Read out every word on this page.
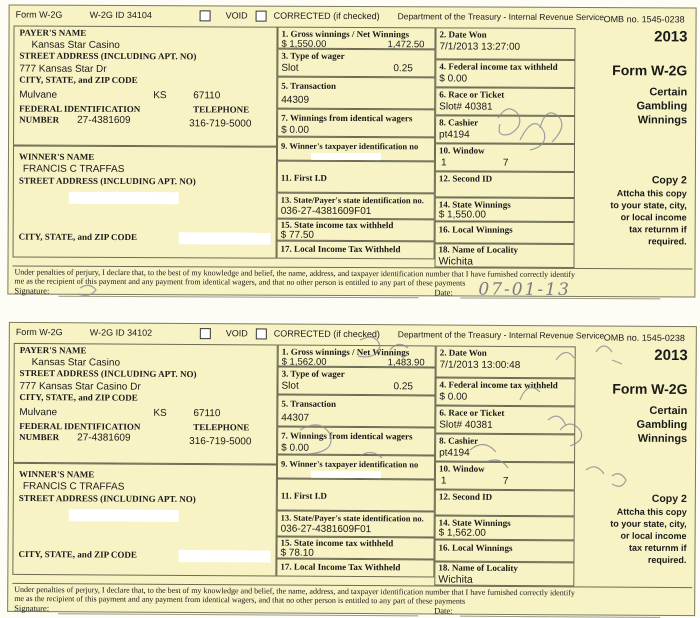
Form W-2G	W-2G ID 34104	VOID	CORRECTED (if checked) Department of the Treasury - Internal Revenue Service OMB no. 1545-0238
PAYER'S NAME
Kansas Star Casino
STREET ADDRESS (INCLUDING APT. NO)
777 Kansas Star Dr
CITY, STATE, and ZIP CODE
Mulvane	KS	67110
FEDERAL IDENTIFICATION
NUMBER 27-4381609
TELEPHONE
316-719-5000
WINNER'S NAME
FRANCIS C TRAFFAS
STREET ADDRESS (INCLUDING APT. NO)
CITY, STATE, and ZIP CODE
1. Gross winnings / Net Winnings
$ 1,550.00	1,472.50
3. Type of wager
Slot	0.25
5. Transaction
44309
7. Winnings from identical wagers
$ 0.00
9. Winner's taxpayer identification no
11. First I.D
13. State/Payer's state identification no.
036-27-4381609F01
15. State income tax withheld
$ 77.50
17. Local Income Tax Withheld
2. Date Won
7/1/2013 13:27:00
4. Federal income tax withheld
$ 0.00
6. Race or Ticket
Slot# 40381
8. Cashier
pt4194
10. Window
1	7
12. Second ID
14. State Winnings
$ 1,550.00
16. Local Winnings
18. Name of Locality
Wichita
2013
Form W-2G
Certain
Gambling
Winnings
Copy 2
Attcha this copy
to your state, city,
or local income
tax returnm if
required.
Under penalties of perjury, I declare that, to the best of my knowledge and belief, the name, address, and taxpayer identification number that I have furnished correctly identify
me as the recipient of this payment and any payment from identical wagers, and that no other person is entitled to any part of these payments
Signature:	Date: 07-01-13
Form W-2G	W-2G ID 34102	VOID	CORRECTED (if checked) Department of the Treasury - Internal Revenue Service OMB no. 1545-0238
PAYER'S NAME
Kansas Star Casino
STREET ADDRESS (INCLUDING APT. NO)
777 Kansas Star Casino Dr
CITY, STATE, and ZIP CODE
Mulvane	KS	67110
FEDERAL IDENTIFICATION
NUMBER 27-4381609
TELEPHONE
316-719-5000
WINNER'S NAME
FRANCIS C TRAFFAS
STREET ADDRESS (INCLUDING APT. NO)
CITY, STATE, and ZIP CODE
1. Gross winnings / Net Winnings
$ 1,562.00	1,483.90
3. Type of wager
Slot	0.25
5. Transaction
44307
7. Winnings from identical wagers
$ 0.00
9. Winner's taxpayer identification no
11. First I.D
13. State/Payer's state identification no.
036-27-4381609F01
15. State income tax withheld
$ 78.10
17. Local Income Tax Withheld
2. Date Won
7/1/2013 13:00:48
4. Federal income tax withheld
$ 0.00
6. Race or Ticket
Slot# 40381
8. Cashier
pt4194
10. Window
1	7
12. Second ID
14. State Winnings
$ 1,562.00
16. Local Winnings
18. Name of Locality
Wichita
2013
Form W-2G
Certain
Gambling
Winnings
Copy 2
Attcha this copy
to your state, city,
or local income
tax returnm if
required.
Under penalties of perjury, I declare that, to the best of my knowledge and belief, the name, address, and taxpayer identification number that I have furnished correctly identify
me as the recipient of this payment and any payment from identical wagers, and that no other person is entitled to any part of these payments
Signature:	Date:
